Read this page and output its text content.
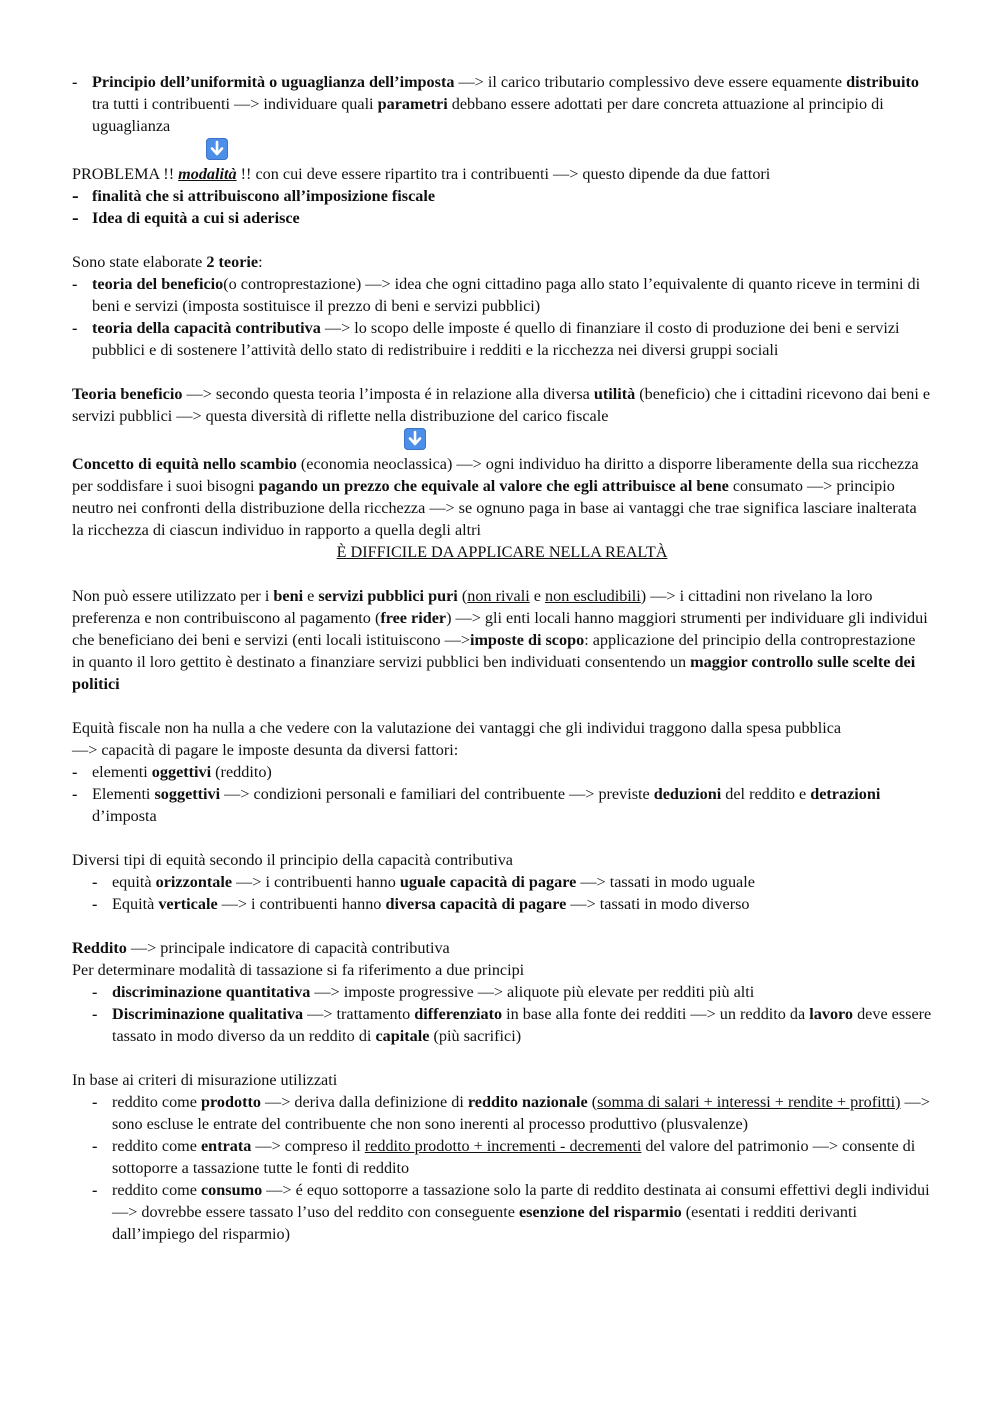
- Principio dell’uniformità o uguaglianza dell’imposta —> il carico tributario complessivo deve essere equamente distribuito tra tutti i contribuenti —> individuare quali parametri debbano essere adottati per dare concreta attuazione al principio di uguaglianza

PROBLEMA !! modalità !! con cui deve essere ripartito tra i contribuenti —> questo dipende da due fattori

- finalità che si attribuiscono all’imposizione fiscale
- Idea di equità a cui si aderisce

Sono state elaborate 2 teorie:

- teoria del beneficio(o controprestazione) —> idea che ogni cittadino paga allo stato l’equivalente di quanto riceve in termini di beni e servizi (imposta sostituisce il prezzo di beni e servizi pubblici)
- teoria della capacità contributiva —> lo scopo delle imposte é quello di finanziare il costo di produzione dei beni e servizi pubblici e di sostenere l’attività dello stato di redistribuire i redditi e la ricchezza nei diversi gruppi sociali

Teoria beneficio —> secondo questa teoria l’imposta é in relazione alla diversa utilità (beneficio) che i cittadini ricevono dai beni e servizi pubblici —> questa diversità di riflette nella distribuzione del carico fiscale

Concetto di equità nello scambio (economia neoclassica) —> ogni individuo ha diritto a disporre liberamente della sua ricchezza per soddisfare i suoi bisogni pagando un prezzo che equivale al valore che egli attribuisce al bene consumato —> principio neutro nei confronti della distribuzione della ricchezza —> se ognuno paga in base ai vantaggi che trae significa lasciare inalterata la ricchezza di ciascun individuo in rapporto a quella degli altri

È DIFFICILE DA APPLICARE NELLA REALTÀ

Non può essere utilizzato per i beni e servizi pubblici puri (non rivali e non escludibili) —> i cittadini non rivelano la loro preferenza e non contribuiscono al pagamento (free rider) —> gli enti locali hanno maggiori strumenti per individuare gli individui che beneficiano dei beni e servizi (enti locali istituiscono —>imposte di scopo: applicazione del principio della controprestazione in quanto il loro gettito è destinato a finanziare servizi pubblici ben individuati consentendo un maggior controllo sulle scelte dei politici

Equità fiscale non ha nulla a che vedere con la valutazione dei vantaggi che gli individui traggono dalla spesa pubblica

—> capacità di pagare le imposte desunta da diversi fattori:

- elementi oggettivi (reddito)
- Elementi soggettivi —> condizioni personali e familiari del contribuente —> previste deduzioni del reddito e detrazioni d’imposta

Diversi tipi di equità secondo il principio della capacità contributiva

- equità orizzontale —> i contribuenti hanno uguale capacità di pagare —> tassati in modo uguale
- Equità verticale —> i contribuenti hanno diversa capacità di pagare —> tassati in modo diverso

Reddito —> principale indicatore di capacità contributiva

Per determinare modalità di tassazione si fa riferimento a due principi

- discriminazione quantitativa —> imposte progressive —> aliquote più elevate per redditi più alti
- Discriminazione qualitativa —> trattamento differenziato in base alla fonte dei redditi —> un reddito da lavoro deve essere tassato in modo diverso da un reddito di capitale (più sacrifici)

In base ai criteri di misurazione utilizzati

- reddito come prodotto —> deriva dalla definizione di reddito nazionale (somma di salari + interessi + rendite + profitti) —> sono escluse le entrate del contribuente che non sono inerenti al processo produttivo (plusvalenze)
- reddito come entrata —> compreso il reddito prodotto + incrementi - decrementi del valore del patrimonio —> consente di sottoporre a tassazione tutte le fonti di reddito
- reddito come consumo —> é equo sottoporre a tassazione solo la parte di reddito destinata ai consumi effettivi degli individui —> dovrebbe essere tassato l’uso del reddito con conseguente esenzione del risparmio (esentati i redditi derivanti dall’impiego del risparmio)
